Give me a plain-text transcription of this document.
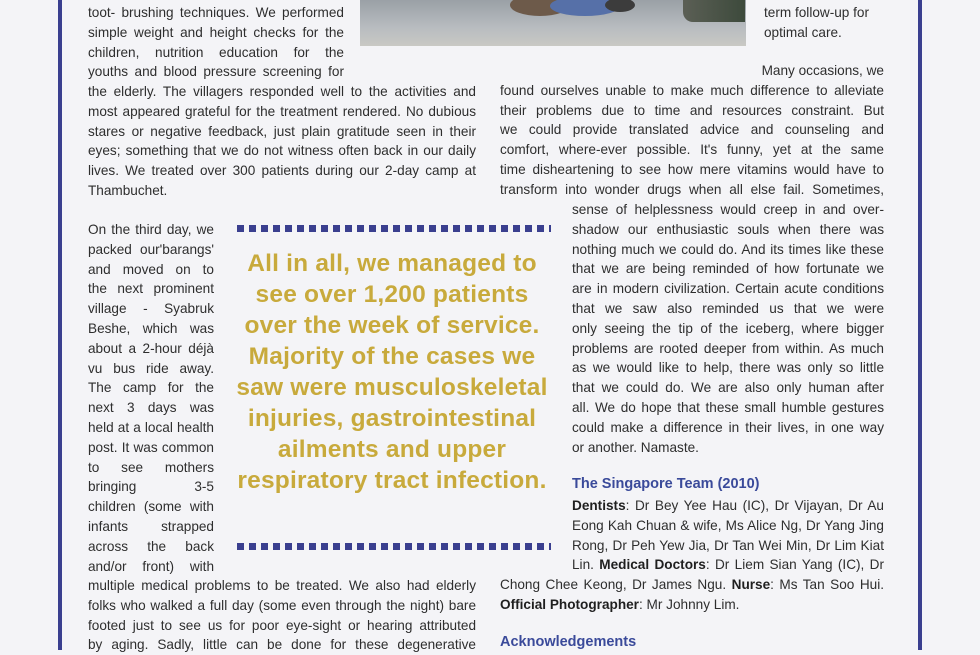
toot- brushing techniques. We performed
simple weight and height checks for the
children, nutrition education for the
youths and blood pressure screening for
the elderly. The villagers responded well to the activities and
most appeared grateful for the treatment rendered. No dubious
stares or negative feedback, just plain gratitude seen in their
eyes; something that we do not witness often back in our daily
lives. We treated over 300 patients during our 2-day camp at
Thambuchet.
On the third day, we
packed our'barangs'
and moved on to
the next prominent
village - Syabruk
Beshe, which was
about a 2-hour déjà
vu bus ride away.
The camp for the
next 3 days was
held at a local health
post. It was common
to see mothers
bringing 3-5
children (some with
infants strapped
across the back
and/or front) with
multiple medical problems to be treated. We also had elderly
folks who walked a full day (some even through the night) bare
footed just to see us for poor eye-sight or hearing attributed
by aging. Sadly, little can be done for these degenerative

All in all, we managed to see over 1,200 patients over the week of service. Majority of the cases we saw were musculoskeletal injuries, gastrointestinal ailments and upper respiratory tract infection.

term follow-up for
optimal care.
Many occasions, we
found ourselves unable to make much difference to alleviate
their problems due to time and resources constraint. But
we could provide translated advice and counseling and
comfort, where-ever possible. It's funny, yet at the same
time disheartening to see how mere vitamins would have to
transform into wonder drugs when all else fail. Sometimes,
sense of helplessness would creep in and over-
shadow our enthusiastic souls when there was
nothing much we could do. And its times like these
that we are being reminded of how fortunate we
are in modern civilization. Certain acute conditions
that we saw also reminded us that we were
only seeing the tip of the iceberg, where bigger
problems are rooted deeper from within. As much
as we would like to help, there was only so little
that we could do. We are also only human after
all. We do hope that these small humble gestures
could make a difference in their lives, in one way
or another. Namaste.
The Singapore Team (2010)
Dentists: Dr Bey Yee Hau (IC), Dr Vijayan, Dr Au
Eong Kah Chuan & wife, Ms Alice Ng, Dr Yang Jing
Rong, Dr Peh Yew Jia, Dr Tan Wei Min, Dr Lim Kiat
Lin. Medical Doctors: Dr Liem Sian Yang (IC), Dr
Chong Chee Keong, Dr James Ngu. Nurse: Ms Tan Soo Hui.
Official Photographer: Mr Johnny Lim.
Acknowledgements
